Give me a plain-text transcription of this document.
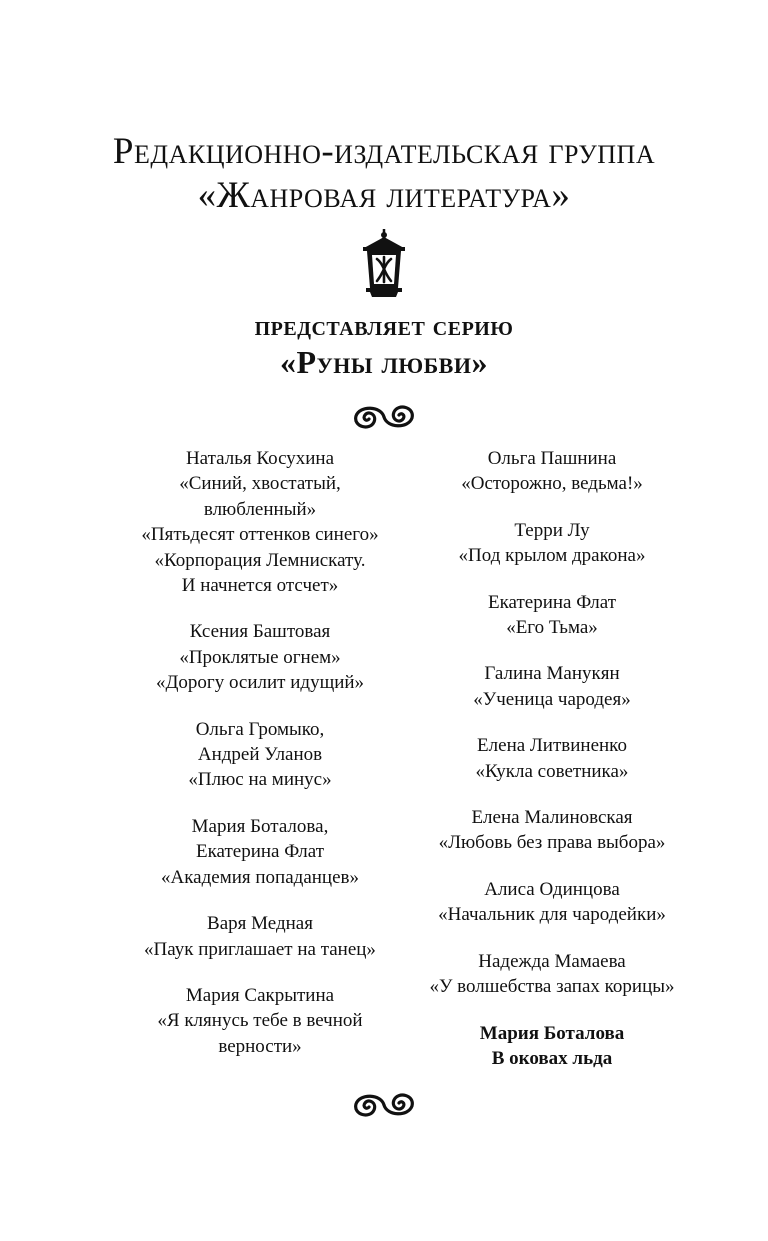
Редакционно-издательская группа
«Жанровая литература»
представляет серию
«Руны любви»
Наталья Косухина
«Синий, хвостатый,
влюбленный»
«Пятьдесят оттенков синего»
«Корпорация Лемнискату.
И начнется отсчет»
Ксения Баштовая
«Проклятые огнем»
«Дорогу осилит идущий»
Ольга Громыко,
Андрей Уланов
«Плюс на минус»
Мария Боталова,
Екатерина Флат
«Академия попаданцев»
Варя Медная
«Паук приглашает на танец»
Мария Сакрытина
«Я клянусь тебе в вечной
верности»
Ольга Пашнина
«Осторожно, ведьма!»
Терри Лу
«Под крылом дракона»
Екатерина Флат
«Его Тьма»
Галина Манукян
«Ученица чародея»
Елена Литвиненко
«Кукла советника»
Елена Малиновская
«Любовь без права выбора»
Алиса Одинцова
«Начальник для чародейки»
Надежда Мамаева
«У волшебства запах корицы»
Мария Боталова
В оковах льда
